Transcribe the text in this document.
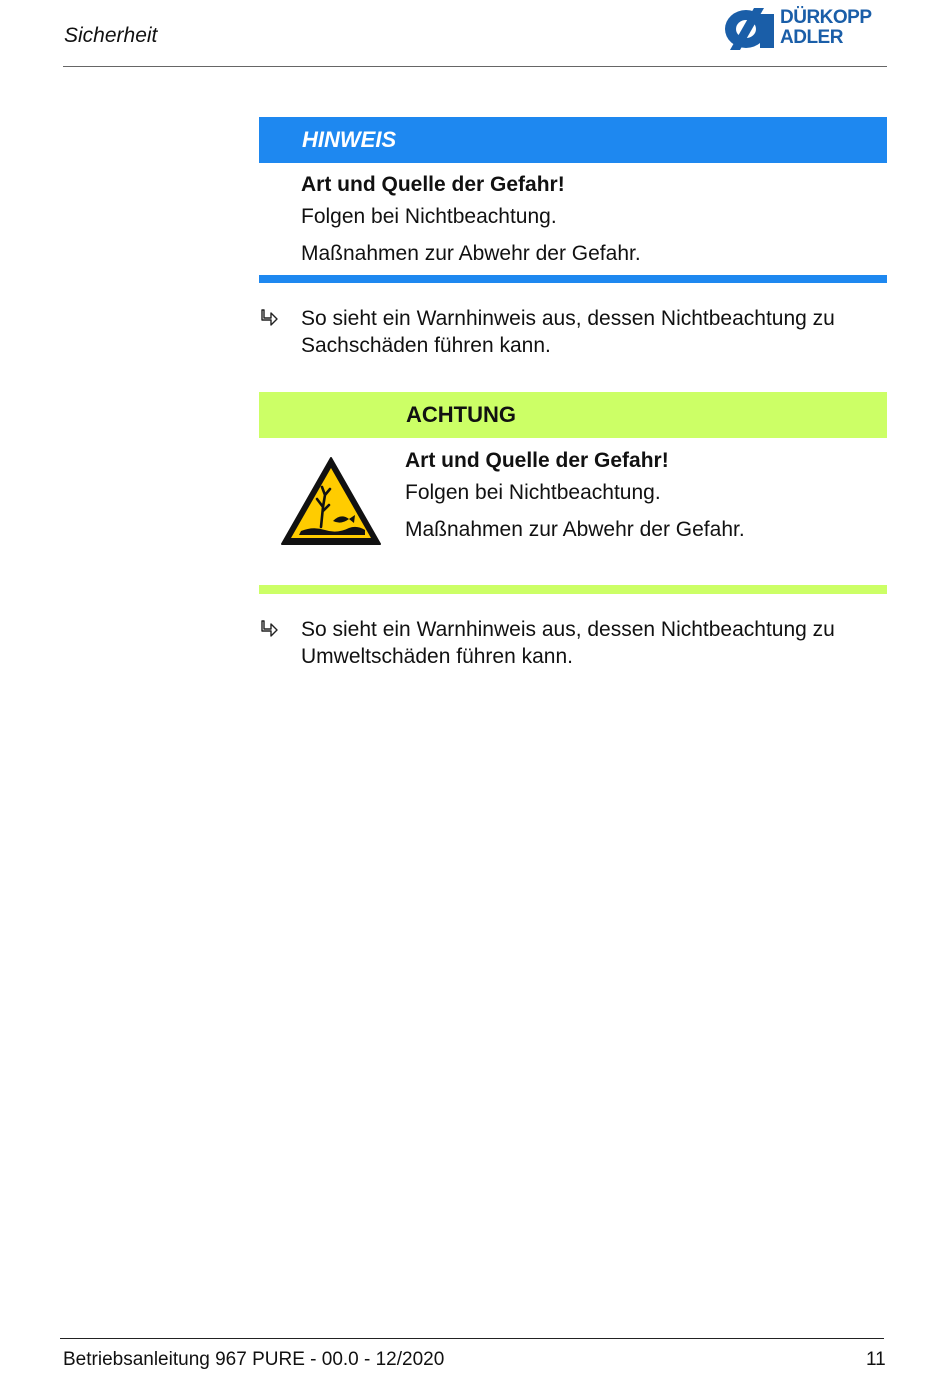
Sicherheit
DÜRKOPP
ADLER
HINWEIS
Art und Quelle der Gefahr!
Folgen bei Nichtbeachtung.
Maßnahmen zur Abwehr der Gefahr.
So sieht ein Warnhinweis aus, dessen Nichtbeachtung zu Sachschäden führen kann.
ACHTUNG
Art und Quelle der Gefahr!
Folgen bei Nichtbeachtung.
Maßnahmen zur Abwehr der Gefahr.
So sieht ein Warnhinweis aus, dessen Nichtbeachtung zu Umweltschäden führen kann.
Betriebsanleitung 967 PURE - 00.0 - 12/2020	11
